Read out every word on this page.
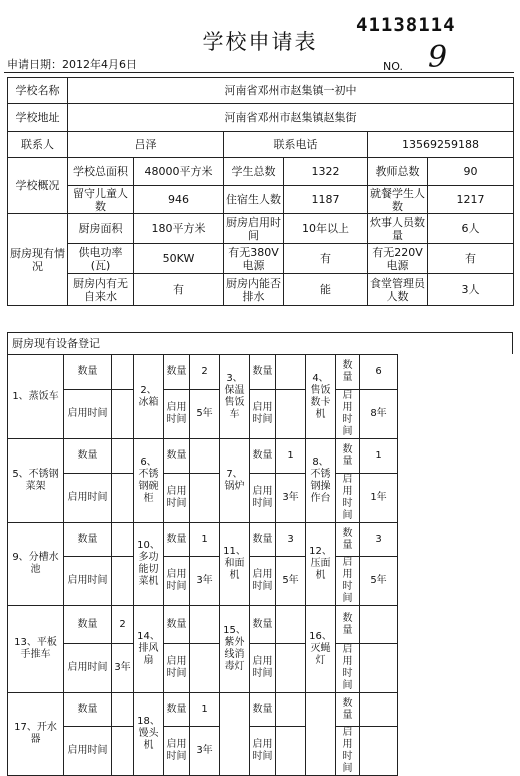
学校申请表
41138114
申请日期：2012年4月6日	NO. 9
学校名称	河南省邓州市赵集镇一初中					
学校地址	河南省邓州市赵集镇赵集街					
联系人	吕泽		联系电话		13569259188	
学校概况	学校总面积	48000平方米	学生总数	1322	教师总数	90
	留守儿童人数	946	住宿生人数	1187	就餐学生人数	1217
厨房现有情况	厨房面积	180平方米	厨房启用时间	10年以上	炊事人员数量	6人
	供电功率(瓦)	50KW	有无380V电源	有	有无220V电源	有
	厨房内有无自来水	有	厨房内能否排水	能	食堂管理员人数	3人
厨房现有设备登记
1、蒸饭车	数量		2、冰箱	数量	2	3、保温售饭车	数量		4、售饭数卡机	数量	6
	启用时间			启用时间	5年		启用时间			启用时间	8年
5、不锈钢菜架	数量		6、不锈钢碗柜	数量		7、锅炉	数量	1	8、不锈钢操作台	数量	1
	启用时间			启用时间			启用时间	3年		启用时间	1年
9、分槽水池	数量		10、多功能切菜机	数量	1	11、和面机	数量	3	12、压面机	数量	3
	启用时间			启用时间	3年		启用时间	5年		启用时间	5年
13、平板手推车	数量	2	14、排风扇	数量		15、紫外线消毒灯	数量		16、灭蝇灯	数量	
	启用时间	3年		启用时间			启用时间			启用时间	
17、开水器	数量		18、馒头机	数量	1		数量			数量	
	启用时间			启用时间	3年		启用时间			启用时间	
